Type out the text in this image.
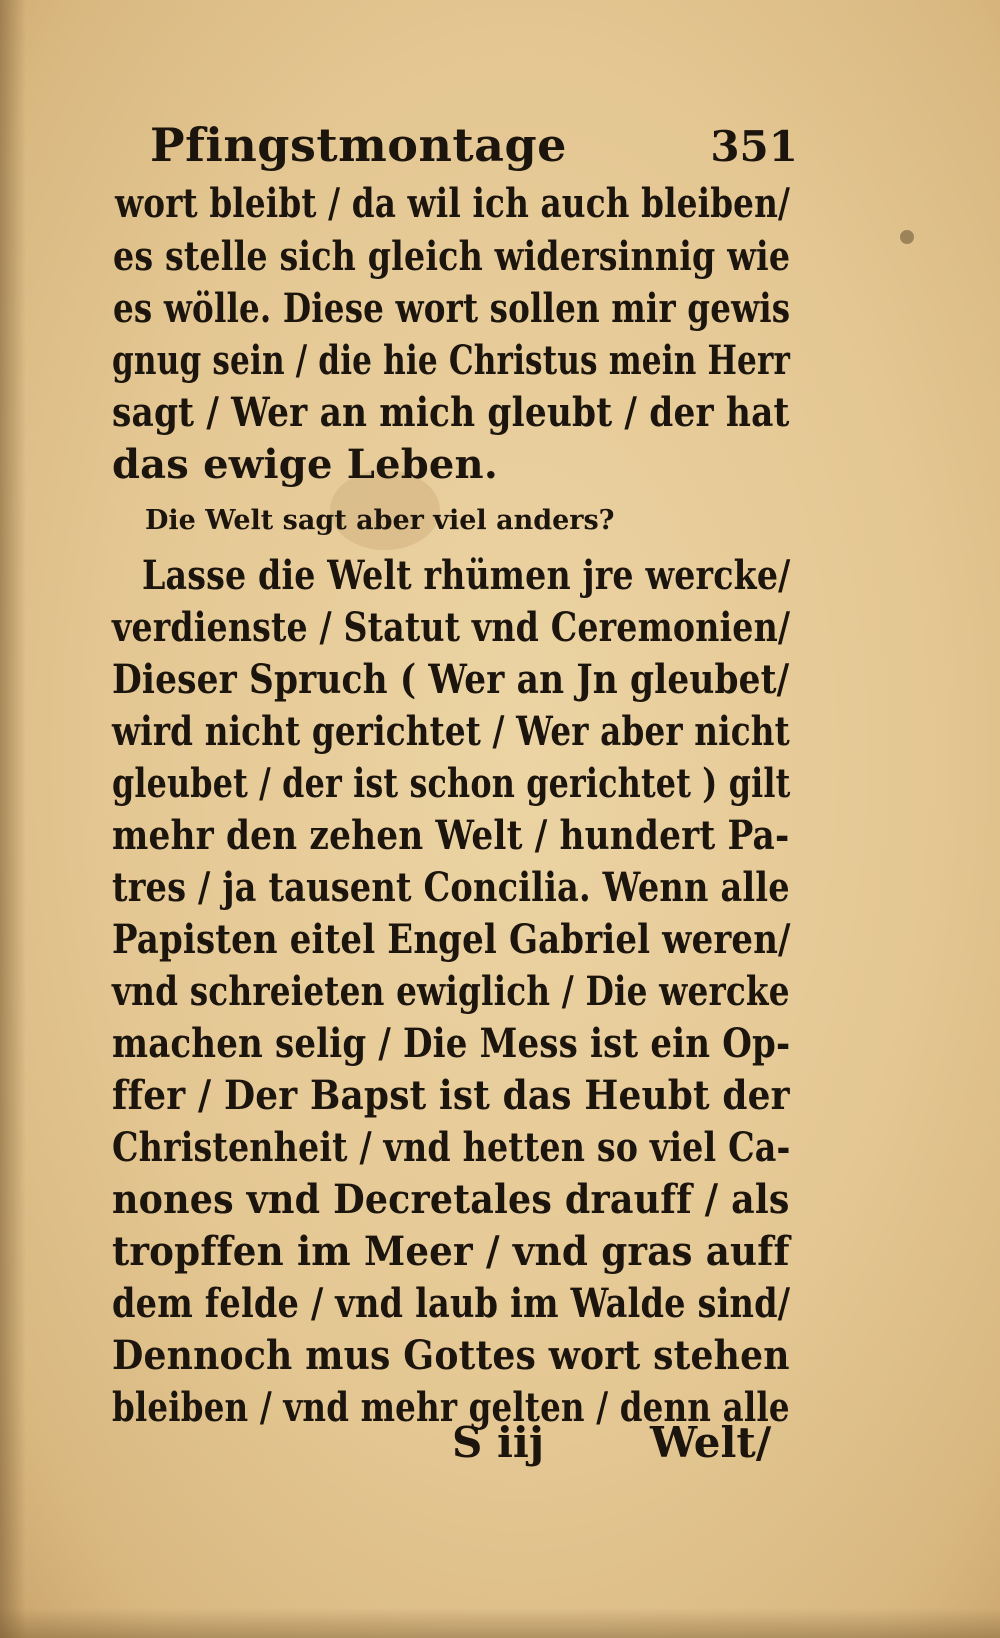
Pfingstmontage	351
wort bleibt / da wil ich auch bleiben/
es stelle sich gleich widersinnig wie
es wölle. Diese wort sollen mir gewis
gnug sein / die hie Christus mein Herr
sagt / Wer an mich gleubt / der hat
das ewige Leben.
Die Welt sagt aber viel anders?
Lasse die Welt rhümen jre wercke/
verdienste / Statut vnd Ceremonien/
Dieser Spruch ( Wer an Jn gleubet/
wird nicht gerichtet / Wer aber nicht
gleubet / der ist schon gerichtet ) gilt
mehr den zehen Welt / hundert Pa-
tres / ja tausent Concilia. Wenn alle
Papisten eitel Engel Gabriel weren/
vnd schreieten ewiglich / Die wercke
machen selig / Die Mess ist ein Op-
ffer / Der Bapst ist das Heubt der
Christenheit / vnd hetten so viel Ca-
nones vnd Decretales drauff / als
tropffen im Meer / vnd gras auff
dem felde / vnd laub im Walde sind/
Dennoch mus Gottes wort stehen
bleiben / vnd mehr gelten / denn alle
S iij	Welt/
